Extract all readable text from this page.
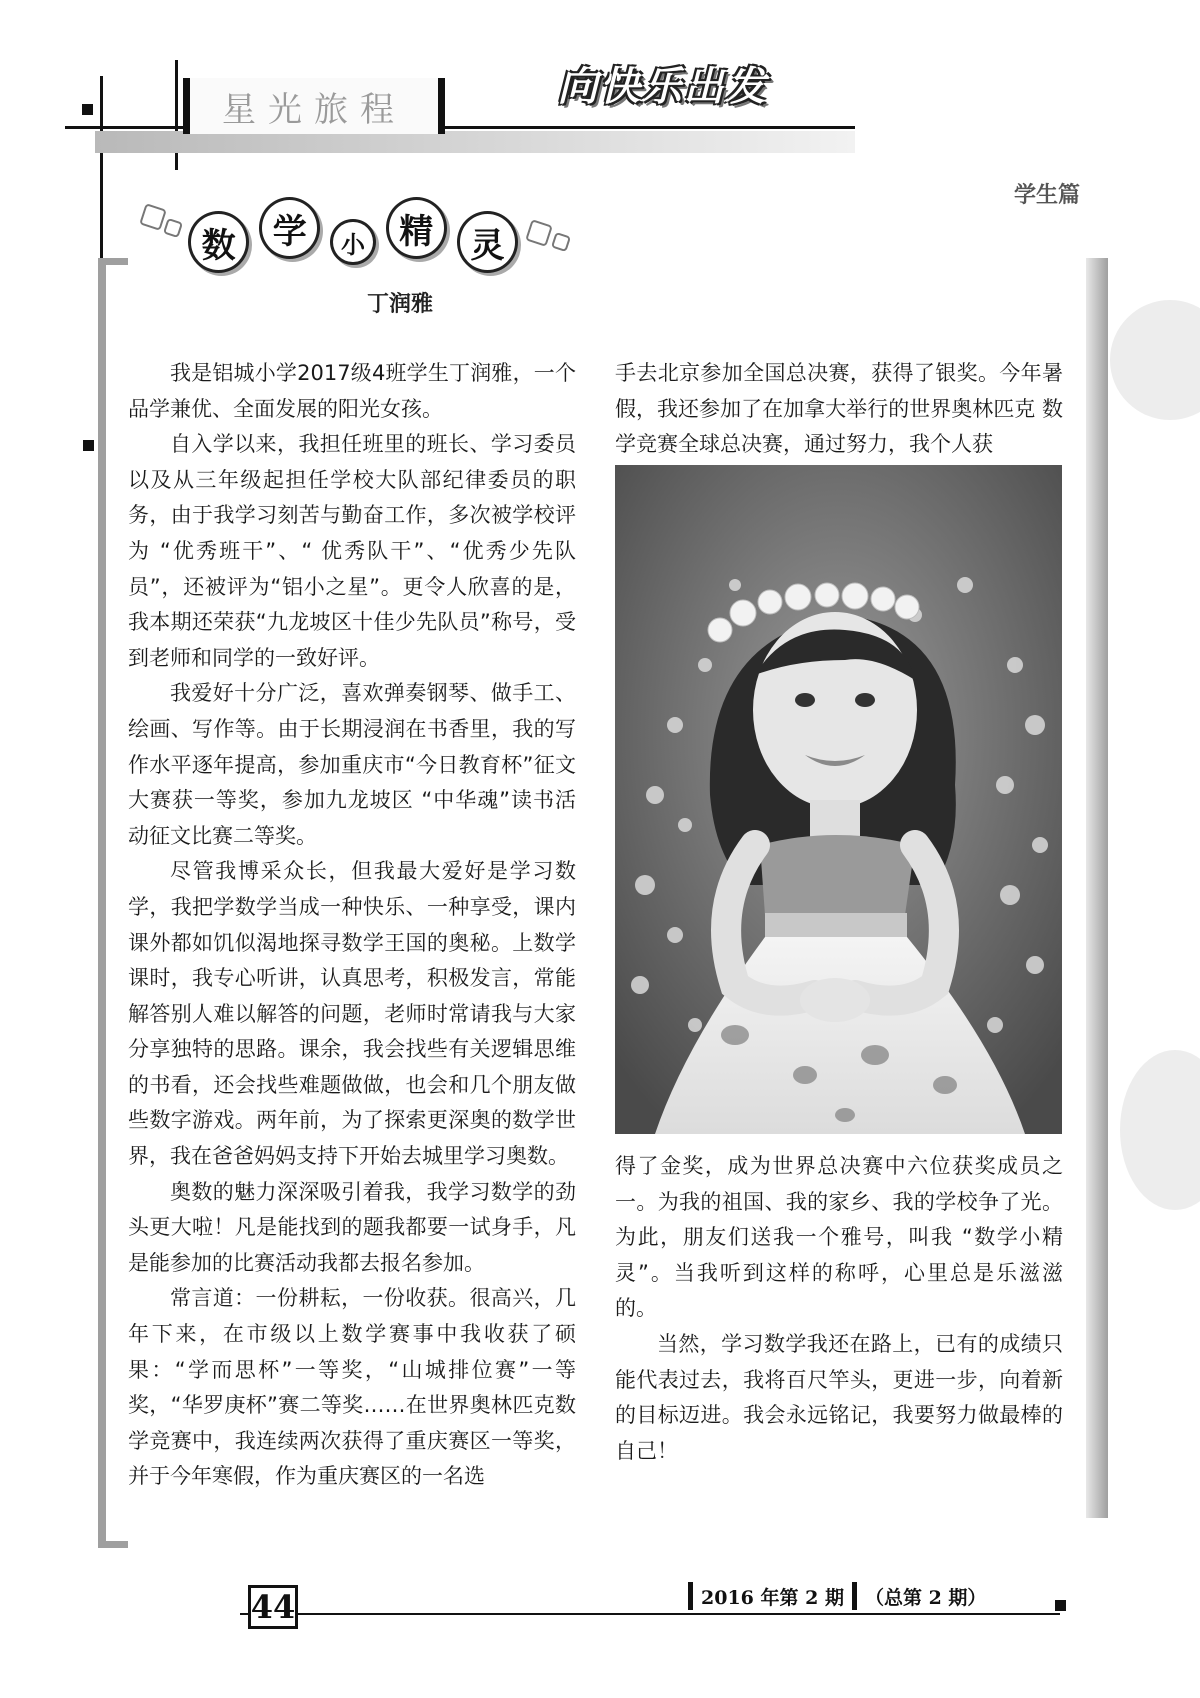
星光旅程	向快乐出发
学生篇
数	学	小	精	灵
丁润雅

我是铝城小学2017级4班学生丁润雅，一个品学兼优、全面发展的阳光女孩。

自入学以来，我担任班里的班长、学习委员以及从三年级起担任学校大队部纪律委员的职务，由于我学习刻苦与勤奋工作，多次被学校评为 “优秀班干”、“ 优秀队干”、“优秀少先队员”，还被评为“铝小之星”。更令人欣喜的是，我本期还荣获“九龙坡区十佳少先队员”称号，受到老师和同学的一致好评。

我爱好十分广泛，喜欢弹奏钢琴、做手工、绘画、写作等。由于长期浸润在书香里，我的写作水平逐年提高，参加重庆市“今日教育杯”征文大赛获一等奖，参加九龙坡区 “中华魂”读书活动征文比赛二等奖。

尽管我博采众长，但我最大爱好是学习数学，我把学数学当成一种快乐、一种享受，课内课外都如饥似渴地探寻数学王国的奥秘。上数学课时，我专心听讲，认真思考，积极发言，常能解答别人难以解答的问题，老师时常请我与大家分享独特的思路。课余，我会找些有关逻辑思维的书看，还会找些难题做做，也会和几个朋友做些数字游戏。两年前，为了探索更深奥的数学世界，我在爸爸妈妈支持下开始去城里学习奥数。

奥数的魅力深深吸引着我，我学习数学的劲头更大啦！凡是能找到的题我都要一试身手，凡是能参加的比赛活动我都去报名参加。

常言道：一份耕耘，一份收获。很高兴，几年下来，在市级以上数学赛事中我收获了硕果：“学而思杯”一等奖，“山城排位赛”一等奖，“华罗庚杯”赛二等奖……在世界奥林匹克数学竞赛中，我连续两次获得了重庆赛区一等奖，并于今年寒假，作为重庆赛区的一名选

手去北京参加全国总决赛，获得了银奖。今年暑假，我还参加了在加拿大举行的世界奥林匹克 数学竞赛全球总决赛，通过努力，我个人获

得了金奖，成为世界总决赛中六位获奖成员之一。为我的祖国、我的家乡、我的学校争了光。为此，朋友们送我一个雅号，叫我 “数学小精灵”。当我听到这样的称呼，心里总是乐滋滋的。

当然，学习数学我还在路上，已有的成绩只能代表过去，我将百尺竿头，更进一步，向着新的目标迈进。我会永远铭记，我要努力做最棒的自己！

44	2016 年第 2 期 （总第 2 期）
